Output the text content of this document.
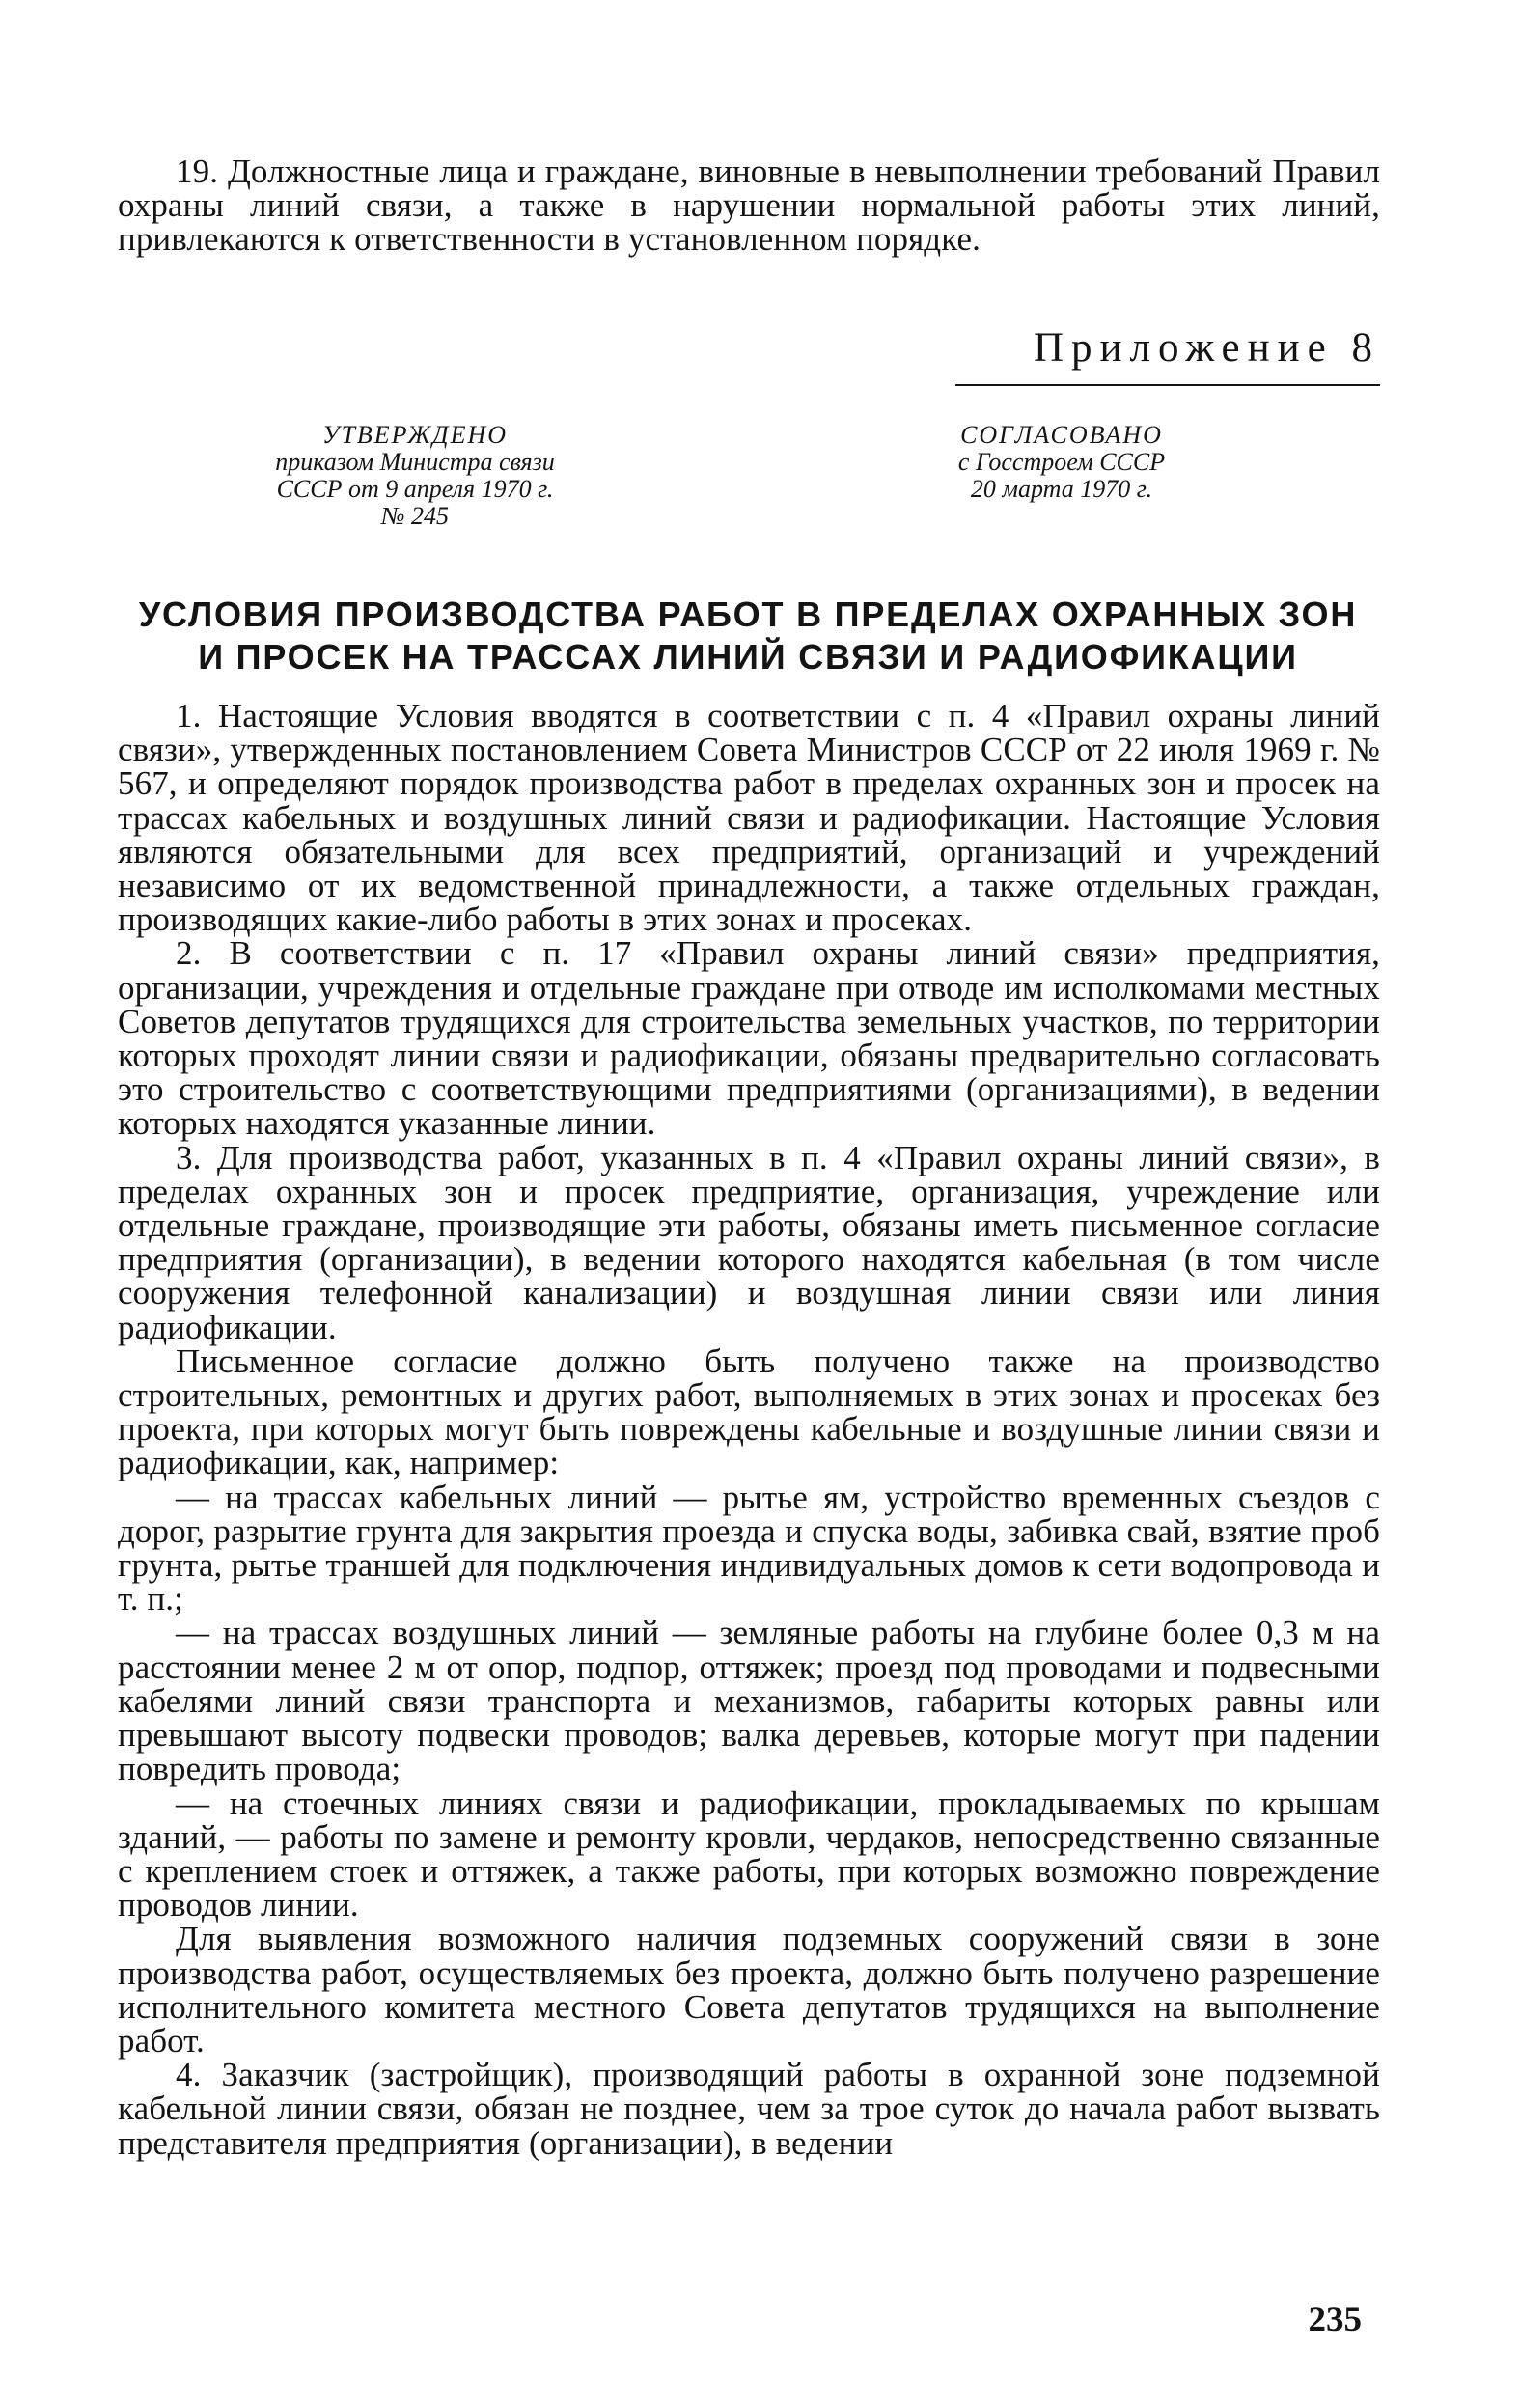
19. Должностные лица и граждане, виновные в невыполнении требований Правил охраны линий связи, а также в нарушении нормальной работы этих линий, привлекаются к ответственности в установленном порядке.

Приложение 8
УТВЕРЖДЕНО
приказом Министра связи
СССР от 9 апреля 1970 г.
№ 245
СОГЛАСОВАНО
с Госстроем СССР
20 марта 1970 г.
УСЛОВИЯ ПРОИЗВОДСТВА РАБОТ В ПРЕДЕЛАХ ОХРАННЫХ ЗОН
И ПРОСЕК НА ТРАССАХ ЛИНИЙ СВЯЗИ И РАДИОФИКАЦИИ

1. Настоящие Условия вводятся в соответствии с п. 4 «Правил охраны линий связи», утвержденных постановлением Совета Министров СССР от 22 июля 1969 г. № 567, и определяют порядок производства работ в пределах охранных зон и просек на трассах кабельных и воздушных линий связи и радиофикации. Настоящие Условия являются обязательными для всех предприятий, организаций и учреждений независимо от их ведомственной принадлежности, а также отдельных граждан, производящих какие-либо работы в этих зонах и просеках.

2. В соответствии с п. 17 «Правил охраны линий связи» предприятия, организации, учреждения и отдельные граждане при отводе им исполкомами местных Советов депутатов трудящихся для строительства земельных участков, по территории которых проходят линии связи и радиофикации, обязаны предварительно согласовать это строительство с соответствующими предприятиями (организациями), в ведении которых находятся указанные линии.

3. Для производства работ, указанных в п. 4 «Правил охраны линий связи», в пределах охранных зон и просек предприятие, организация, учреждение или отдельные граждане, производящие эти работы, обязаны иметь письменное согласие предприятия (организации), в ведении которого находятся кабельная (в том числе сооружения телефонной канализации) и воздушная линии связи или линия радиофикации.

Письменное согласие должно быть получено также на производство строительных, ремонтных и других работ, выполняемых в этих зонах и просеках без проекта, при которых могут быть повреждены кабельные и воздушные линии связи и радиофикации, как, например:

— на трассах кабельных линий — рытье ям, устройство временных съездов с дорог, разрытие грунта для закрытия проезда и спуска воды, забивка свай, взятие проб грунта, рытье траншей для подключения индивидуальных домов к сети водопровода и т. п.;

— на трассах воздушных линий — земляные работы на глубине более 0,3 м на расстоянии менее 2 м от опор, подпор, оттяжек; проезд под проводами и подвесными кабелями линий связи транспорта и механизмов, габариты которых равны или превышают высоту подвески проводов; валка деревьев, которые могут при падении повредить провода;

— на стоечных линиях связи и радиофикации, прокладываемых по крышам зданий, — работы по замене и ремонту кровли, чердаков, непосредственно связанные с креплением стоек и оттяжек, а также работы, при которых возможно повреждение проводов линии.

Для выявления возможного наличия подземных сооружений связи в зоне производства работ, осуществляемых без проекта, должно быть получено разрешение исполнительного комитета местного Совета депутатов трудящихся на выполнение работ.

4. Заказчик (застройщик), производящий работы в охранной зоне подземной кабельной линии связи, обязан не позднее, чем за трое суток до начала работ вызвать представителя предприятия (организации), в ведении

235
